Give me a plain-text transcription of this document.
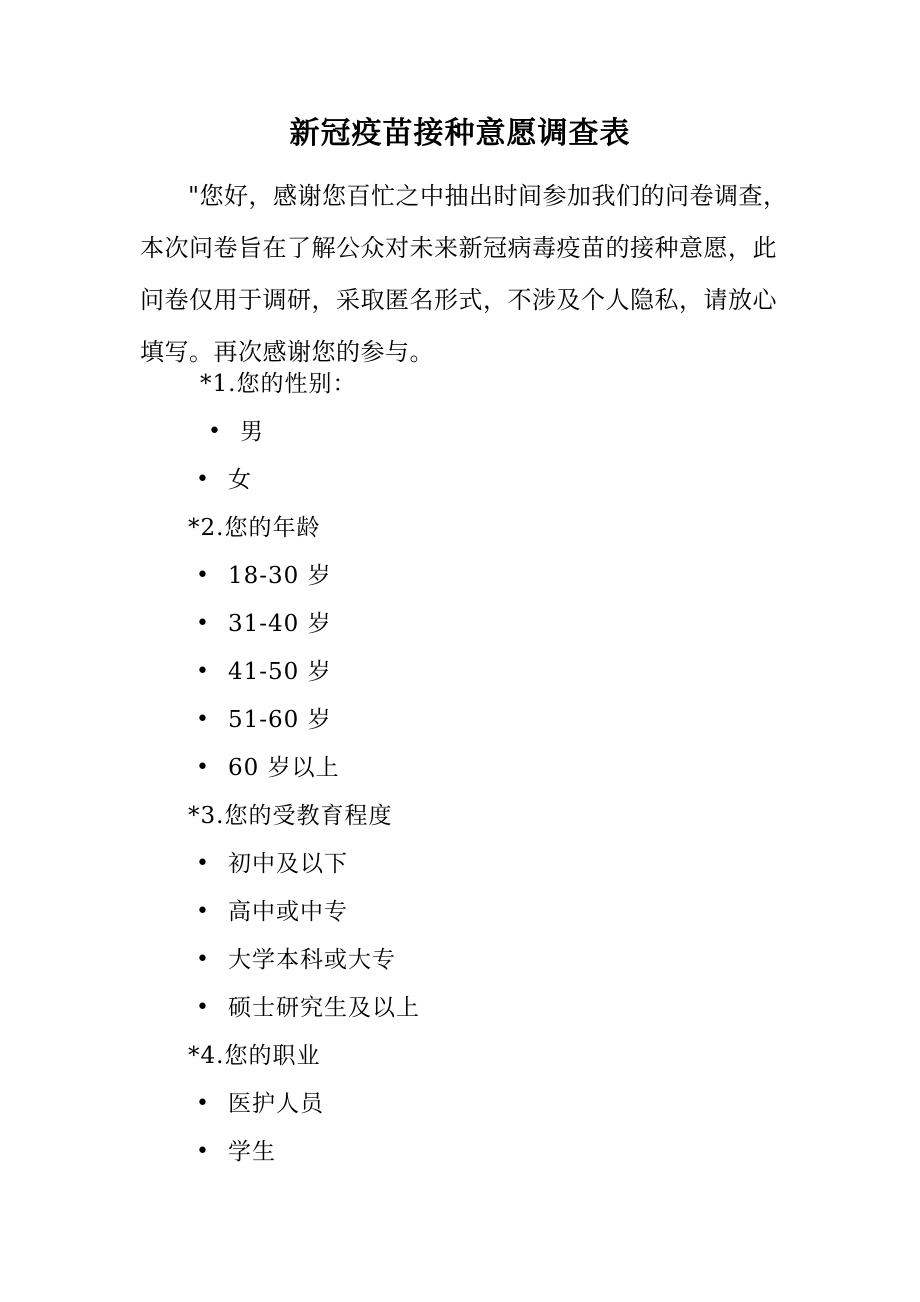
新冠疫苗接种意愿调查表
"您好，感谢您百忙之中抽出时间参加我们的问卷调查，本次问卷旨在了解公众对未来新冠病毒疫苗的接种意愿，此问卷仅用于调研，采取匿名形式，不涉及个人隐私，请放心填写。再次感谢您的参与。
*1.您的性别：
• 男
• 女
*2.您的年龄
• 18-30 岁
• 31-40 岁
• 41-50 岁
• 51-60 岁
• 60 岁以上
*3.您的受教育程度
• 初中及以下
• 高中或中专
• 大学本科或大专
• 硕士研究生及以上
*4.您的职业
• 医护人员
• 学生
